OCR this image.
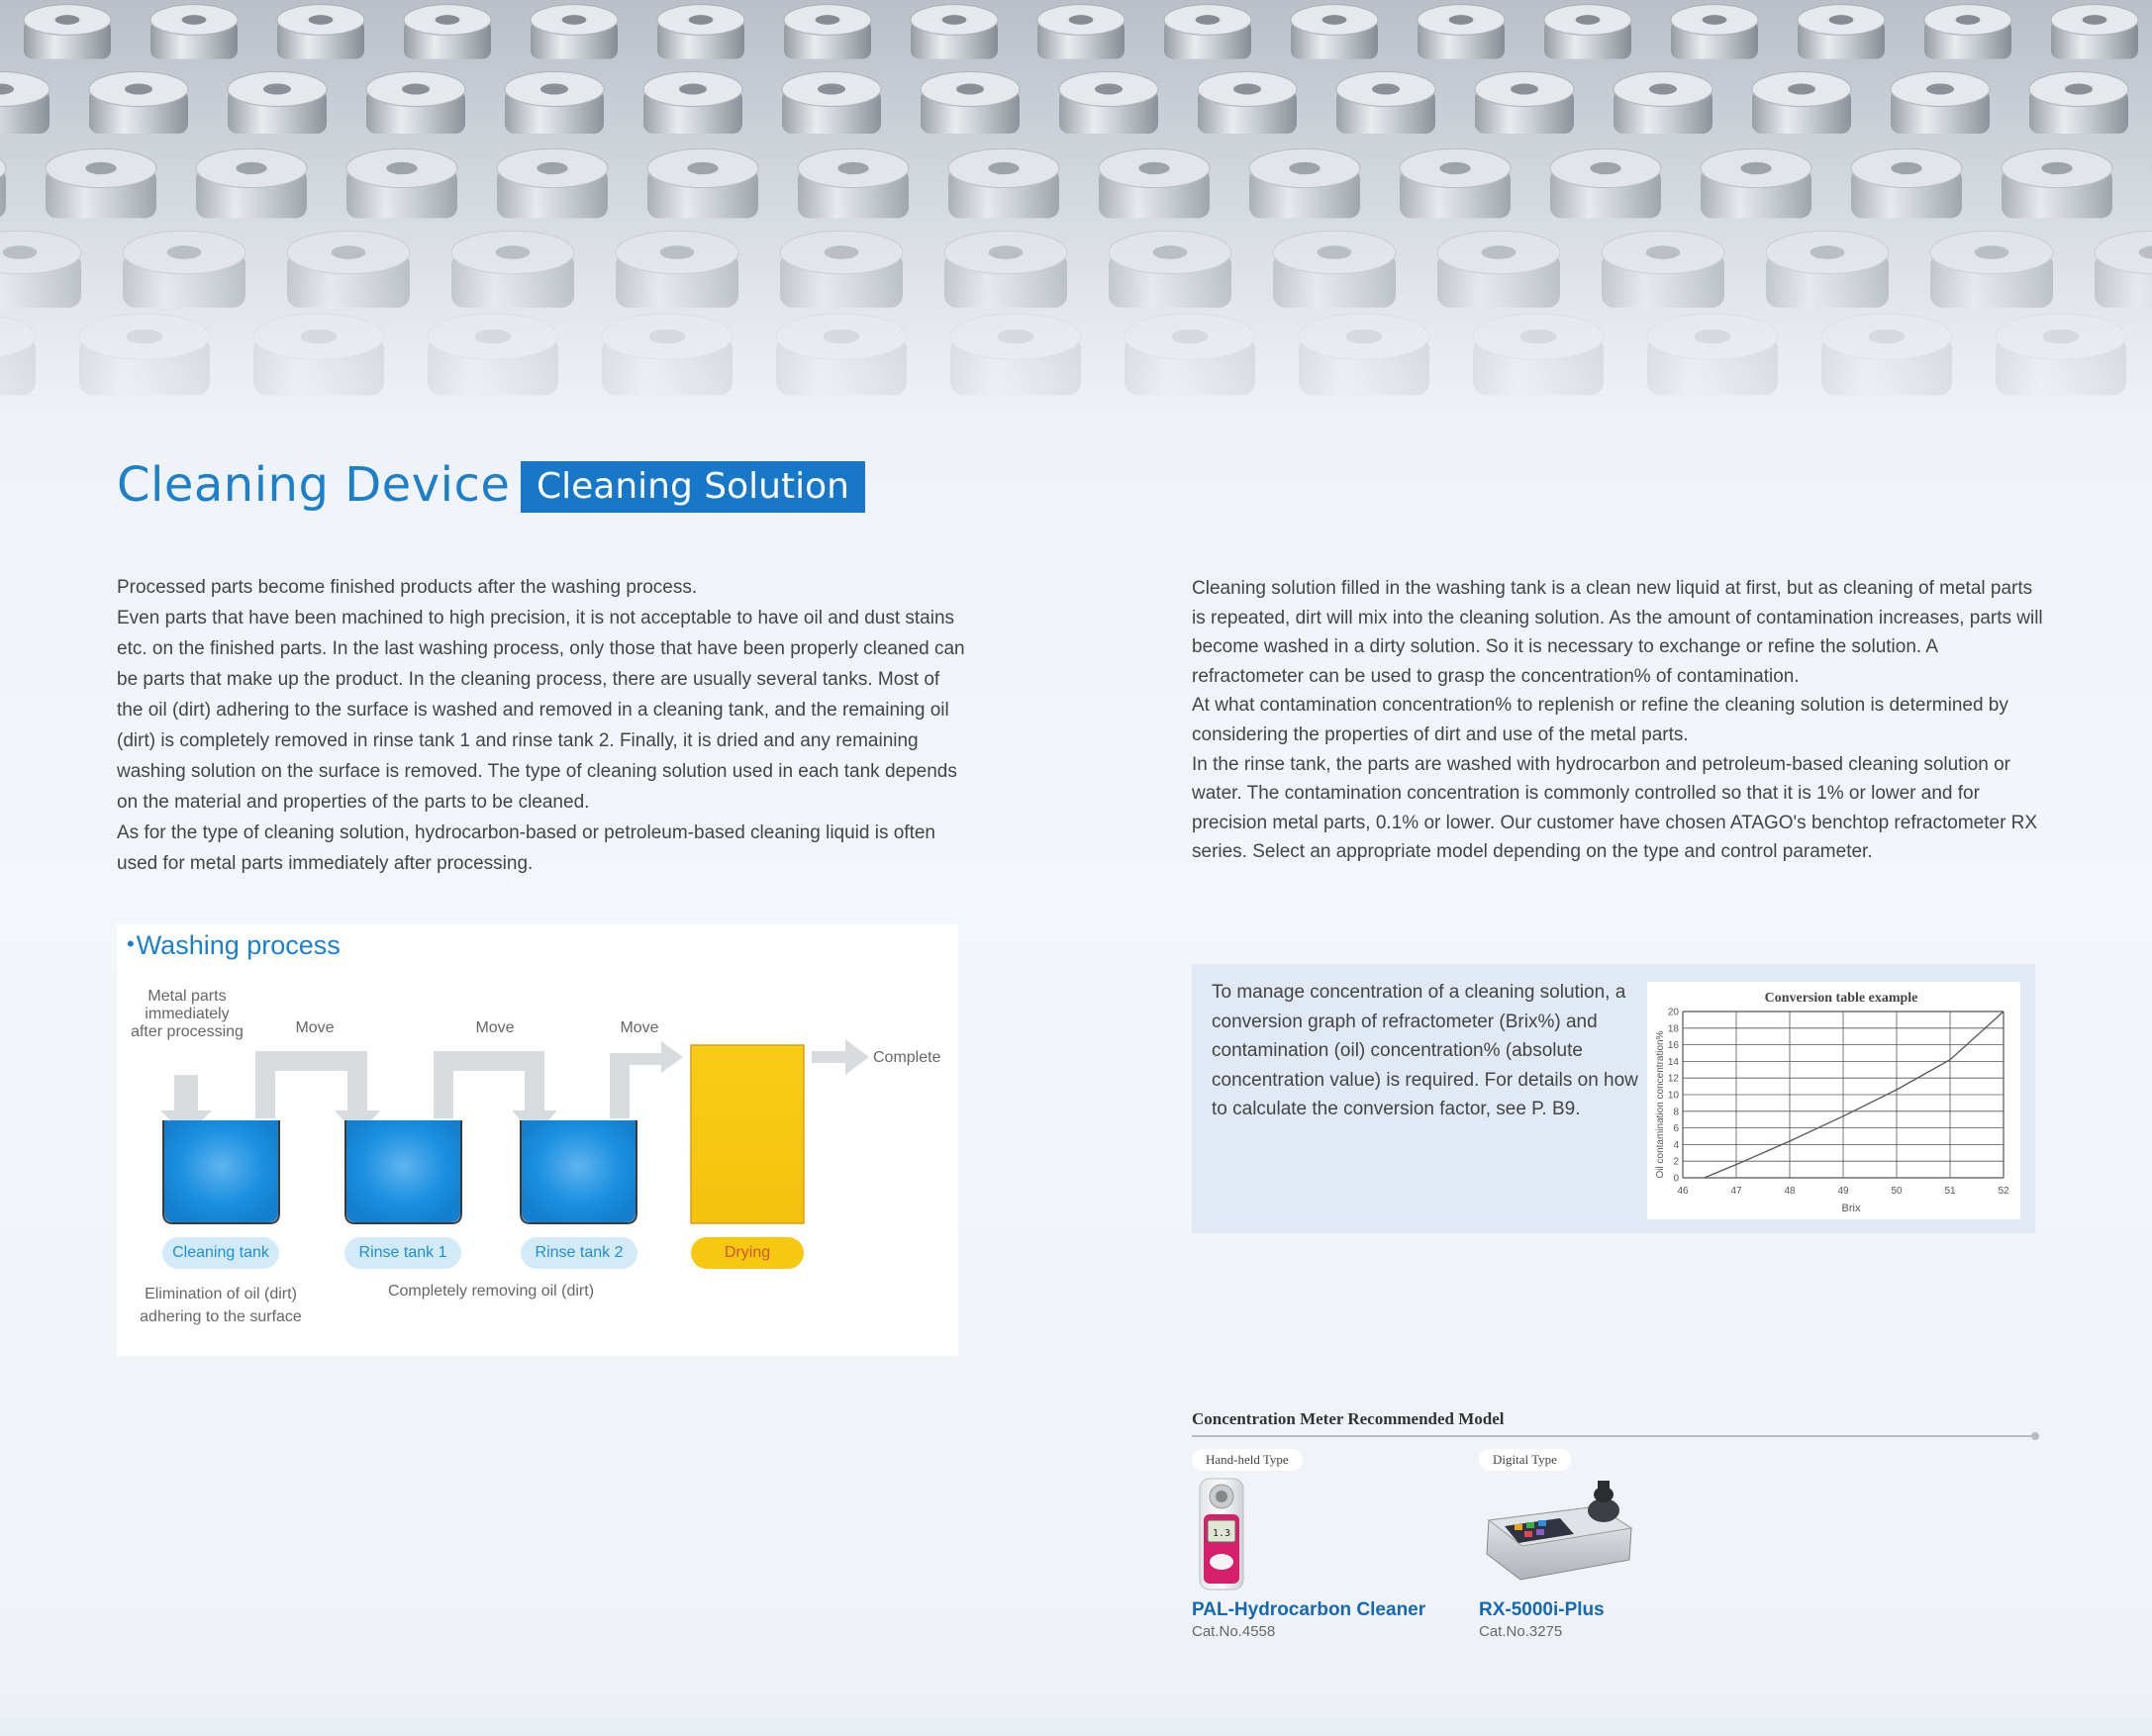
Cleaning Device Cleaning Solution

Processed parts become finished products after the washing process.

Even parts that have been machined to high precision, it is not acceptable to have oil and dust stains etc. on the finished parts. In the last washing process, only those that have been properly cleaned can be parts that make up the product. In the cleaning process, there are usually several tanks. Most of the oil (dirt) adhering to the surface is washed and removed in a cleaning tank, and the remaining oil (dirt) is completely removed in rinse tank 1 and rinse tank 2. Finally, it is dried and any remaining washing solution on the surface is removed. The type of cleaning solution used in each tank depends on the material and properties of the parts to be cleaned.

As for the type of cleaning solution, hydrocarbon-based or petroleum-based cleaning liquid is often used for metal parts immediately after processing.

Cleaning solution filled in the washing tank is a clean new liquid at first, but as cleaning of metal parts is repeated, dirt will mix into the cleaning solution. As the amount of contamination increases, parts will become washed in a dirty solution. So it is necessary to exchange or refine the solution. A refractometer can be used to grasp the concentration% of contamination.

At what contamination concentration% to replenish or refine the cleaning solution is determined by considering the properties of dirt and use of the metal parts.

In the rinse tank, the parts are washed with hydrocarbon and petroleum-based cleaning solution or water. The contamination concentration is commonly controlled so that it is 1% or lower and for precision metal parts, 0.1% or lower. Our customer have chosen ATAGO's benchtop refractometer RX series. Select an appropriate model depending on the type and control parameter.

•Washing process
Metal parts
immediately
after processing	Move	Move	Move
Complete
Cleaning tank	Rinse tank 1	Rinse tank 2	Drying
Elimination of oil (dirt)
adhering to the surface
Completely removing oil (dirt)
To manage concentration of a cleaning solution, a conversion graph of refractometer (Brix%) and contamination (oil) concentration% (absolute concentration value) is required. For details on how to calculate the conversion factor, see P. B9.
Conversion table example
Brix
Oil contamination concentration%
0
2
4
6
8
10
12
14
16
18
20
46	47	48	49	50	51	52
Concentration Meter Recommended Model
Hand-held Type	Digital Type
1.3
PAL-Hydrocarbon Cleaner
Cat.No.4558
RX-5000i-Plus
Cat.No.3275
